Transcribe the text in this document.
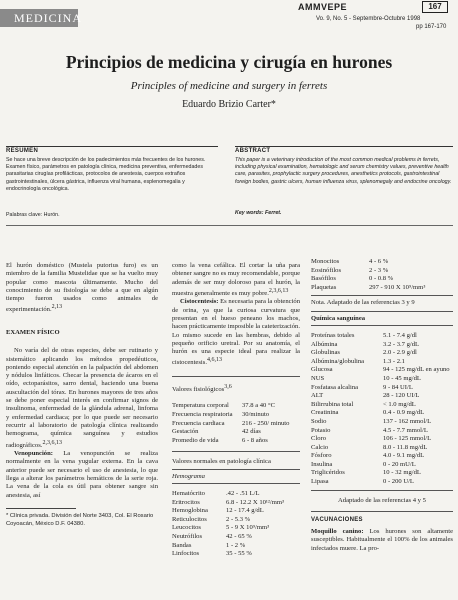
MEDICINA
AMMVEPE	167
Vo. 9, No. 5 - Septembre-Octubre 1998
pp 167-170
Principios de medicina y cirugía en hurones
Principles of medicine and surgery in ferrets
Eduardo Brizio Carter*
RESUMEN
Se hace una breve descripción de los padecimientos más frecuentes de los hurones. Examen físico, parámetros en patología clínica, medicina preventiva, enfermedades parasitarias cirugías profilácticas, protocolos de anestesia, cuerpos extraños gastrointestinales, úlcera gástrica, influenza viral humana, esplenomegalia y endocrinología oncológica.
Palabras clave: Hurón.
ABSTRACT
This paper is a veterinary introduction of the most common medical problems in ferrets, including physical examination, hematologic and serum chemistry values, preventive health care, parasites, prophylactic surgery procedures, anesthetics protocols, gastrointestinal foreign bodies, gastric ulcers, human influenza virus, splenomegaly and endocrine oncology.
Key words: Ferret.

El hurón doméstico (Mustela putorius furo) es un miembro de la familia Mustelidae que se ha vuelto muy popular como mascota últimamente. Mucho del conocimiento de su fisiología se debe a que en algún tiempo fueron usados como animales de experimentación.$^{2,13}$

EXAMEN FÍSICO

No varía del de otras especies, debe ser rutinario y sistemático aplicando los métodos propedéuticos, poniendo especial atención en la palpación del abdomen y nódulos linfáticos. Checar la presencia de ácaros en el oído, ectoparásitos, sarro dental, haciendo una buena auscultación del tórax. En hurones mayores de tres años se debe poner especial interés en confirmar signos de insulinoma, enfermedad de la glándula adrenal, linfoma y enfermedad cardiaca; por lo que puede ser necesario recurrir al laboratorio de patología clínica realizando hemograma, química sanguínea y estudios radiográficos.$^{2,3,6,13}$

Venopunción: La venopunción se realiza normalmente en la vena yugular externa. En la cava anterior puede ser necesario el uso de anestesia, lo que llega a alterar los parámetros hemáticos de la serie roja. La vena de la cola es útil para obtener sangre sin anestesia, así

* Clínica privada. División del Norte 3403, Col. El Rosario Coyoacán, México D.F. 04380.

como la vena cefálica. El cortar la uña para obtener sangre no es muy recomendable, porque además de ser muy doloroso para el hurón, la muestra generalmente es muy pobre.$^{2,3,6,13}$

Cistocentesis: Es necesaria para la obtención de orina, ya que la curiosa curvatura que presentan en el hueso peneano los machos, hacen prácticamente imposible la cateterización. Lo mismo sucede en las hembras, debido al pequeño orificio uretral. Por su anatomía, el hurón es una especie ideal para realizar la cistocentesis.$^{4,6,13}$

Valores fisiológicos$^{3,6}$

Temperatura corporal	37.8 a 40 °C
Frecuencia respiratoria	30/minuto
Frecuencia cardiaca	216 - 250/ minuto
Gestación	42 días
Promedio de vida	6 - 8 años

Valores normales en patología clínica

Hemograma

Hematócrito	.42 - .51 L/L
Eritrocitos	6.8 - 12.2 X 10¹²/mm³
Hemoglobina	12 - 17.4 g/dL
Reticulocitos	2 - 5.3 %
Leucocitos	5 - 9 X 10⁹/mm³
Neutrófilos	42 - 65 %
Bandas	1 - 2 %
Linfocitos	35 - 55 %
Monocitos	4 - 6 %
Eosinófilos	2 - 3 %
Basófilos	0 - 0.8 %
Plaquetas	297 - 910 X 10⁹/mm³

Nota. Adaptado de las referencias 3 y 9

Química sanguínea

Proteínas totales	5.1 - 7.4 g/dl
Albúmina	3.2 - 3.7 g/dL
Globulinas	2.0 - 2.9 g/dl
Albúmina/globulina	1.3 - 2.1
Glucosa	94 - 125 mg/dL en ayuno
NUS	10 - 45 mg/dL
Fosfatasa alcalina	9 - 84 UI/L
ALT	28 - 120 UI/L
Bilirrubina total	< 1.0 mg/dL
Creatinina	0.4 - 0.9 mg/dL
Sodio	137 - 162 mmol/L
Potasio	4.5 - 7.7 mmol/L
Cloro	106 - 125 mmol/L
Calcio	8.0 - 11.8 mg/dL
Fósforo	4.0 - 9.1 mg/dL
Insulina	0 - 20 mU/L
Triglicéridos	10 - 32 mg/dL
Lipasa	0 - 200 U/L

Adaptado de las referencias 4 y 5

VACUNACIONES

Moquillo canino: Los hurones son altamente susceptibles. Habitualmente el 100% de los animales infectados muere. La pro-
